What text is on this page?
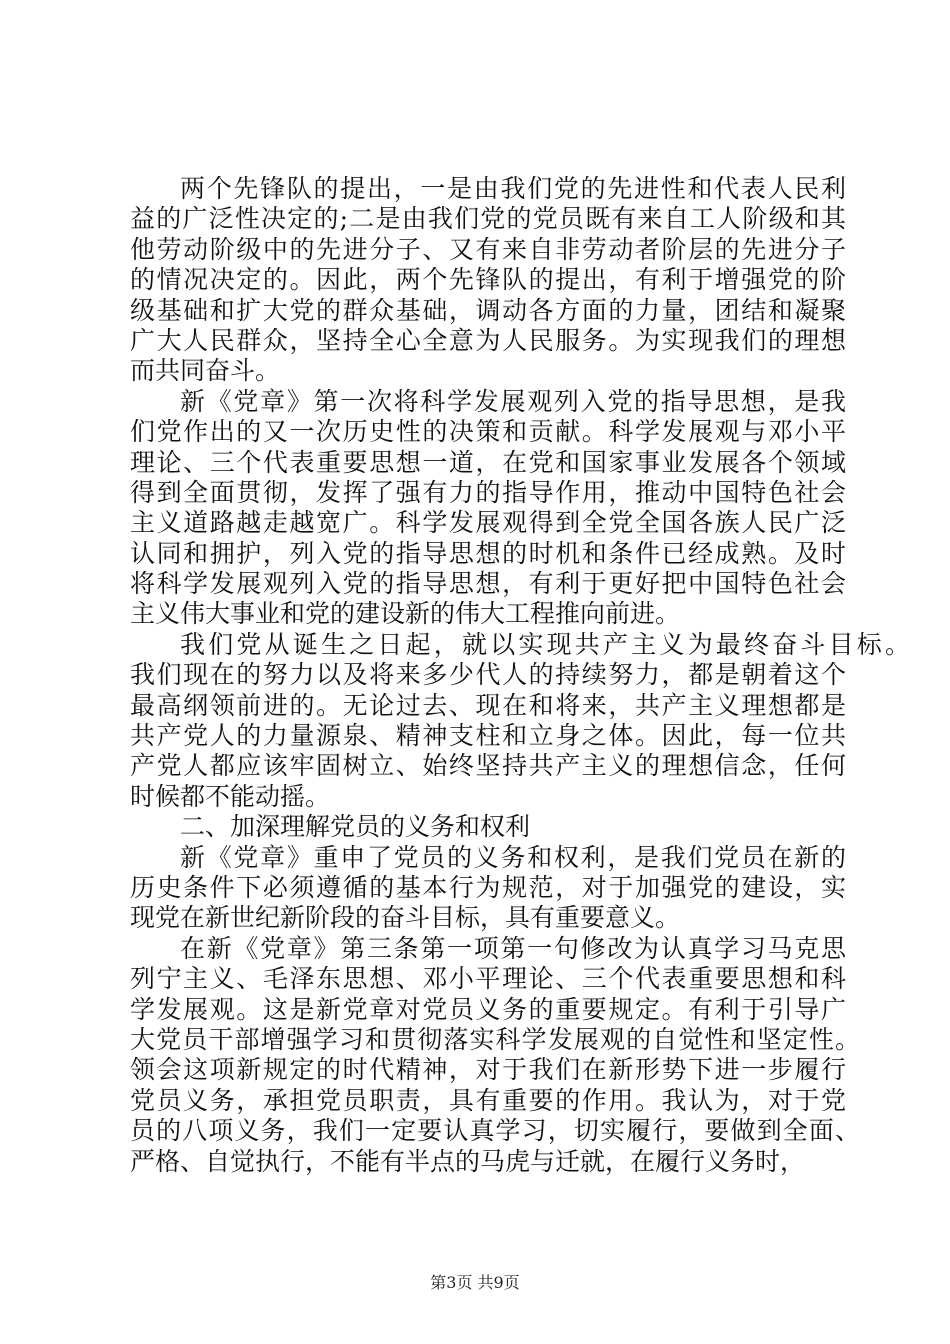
两个先锋队的提出，一是由我们党的先进性和代表人民利
益的广泛性决定的;二是由我们党的党员既有来自工人阶级和其
他劳动阶级中的先进分子、又有来自非劳动者阶层的先进分子
的情况决定的。因此，两个先锋队的提出，有利于增强党的阶
级基础和扩大党的群众基础，调动各方面的力量，团结和凝聚
广大人民群众，坚持全心全意为人民服务。为实现我们的理想
而共同奋斗。
新《党章》第一次将科学发展观列入党的指导思想，是我
们党作出的又一次历史性的决策和贡献。科学发展观与邓小平
理论、三个代表重要思想一道，在党和国家事业发展各个领域
得到全面贯彻，发挥了强有力的指导作用，推动中国特色社会
主义道路越走越宽广。科学发展观得到全党全国各族人民广泛
认同和拥护，列入党的指导思想的时机和条件已经成熟。及时
将科学发展观列入党的指导思想，有利于更好把中国特色社会
主义伟大事业和党的建设新的伟大工程推向前进。
我们党从诞生之日起，就以实现共产主义为最终奋斗目标。
我们现在的努力以及将来多少代人的持续努力，都是朝着这个
最高纲领前进的。无论过去、现在和将来，共产主义理想都是
共产党人的力量源泉、精神支柱和立身之体。因此，每一位共
产党人都应该牢固树立、始终坚持共产主义的理想信念，任何
时候都不能动摇。
二、加深理解党员的义务和权利
新《党章》重申了党员的义务和权利，是我们党员在新的
历史条件下必须遵循的基本行为规范，对于加强党的建设，实
现党在新世纪新阶段的奋斗目标，具有重要意义。
在新《党章》第三条第一项第一句修改为认真学习马克思
列宁主义、毛泽东思想、邓小平理论、三个代表重要思想和科
学发展观。这是新党章对党员义务的重要规定。有利于引导广
大党员干部增强学习和贯彻落实科学发展观的自觉性和坚定性。
领会这项新规定的时代精神，对于我们在新形势下进一步履行
党员义务，承担党员职责，具有重要的作用。我认为，对于党
员的八项义务，我们一定要认真学习，切实履行，要做到全面、
严格、自觉执行，不能有半点的马虎与迁就，在履行义务时，
第3页 共9页
